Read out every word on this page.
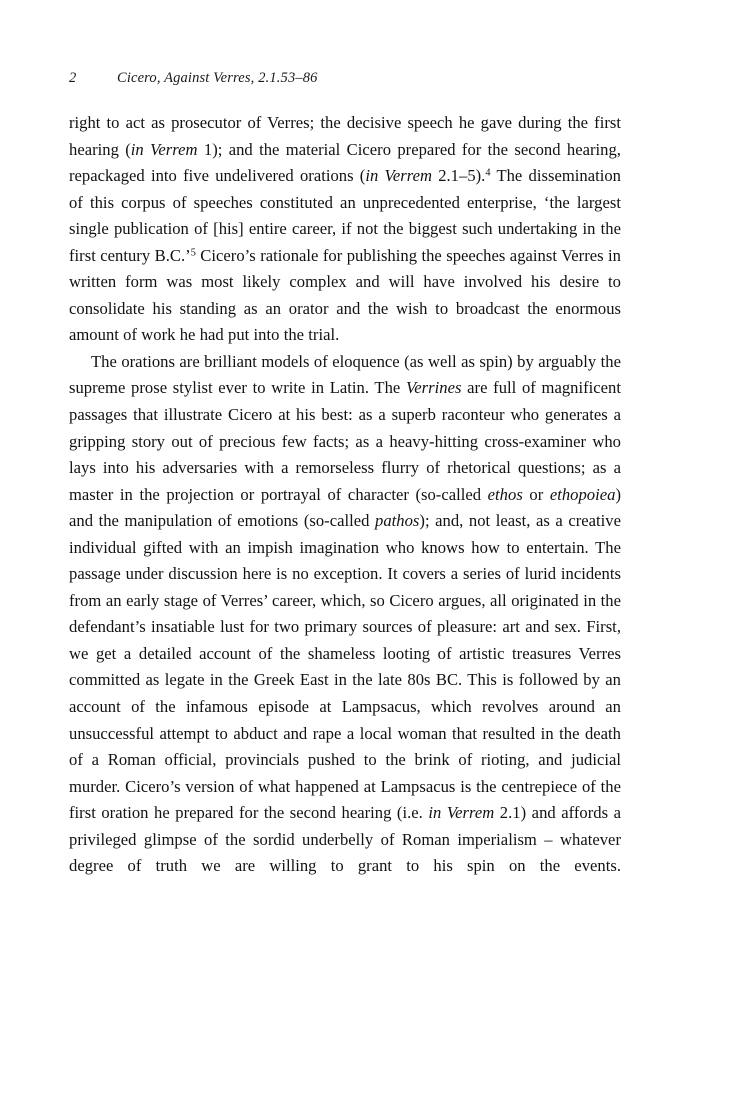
2	Cicero, Against Verres, 2.1.53–86

right to act as prosecutor of Verres; the decisive speech he gave during the first hearing (in Verrem 1); and the material Cicero prepared for the second hearing, repackaged into five undelivered orations (in Verrem 2.1–5).$^4$ The dissemination of this corpus of speeches constituted an unprecedented enterprise, ‘the largest single publication of [his] entire career, if not the biggest such undertaking in the first century B.C.’$^5$ Cicero’s rationale for publishing the speeches against Verres in written form was most likely complex and will have involved his desire to consolidate his standing as an orator and the wish to broadcast the enormous amount of work he had put into the trial.

The orations are brilliant models of eloquence (as well as spin) by arguably the supreme prose stylist ever to write in Latin. The Verrines are full of magnificent passages that illustrate Cicero at his best: as a superb raconteur who generates a gripping story out of precious few facts; as a heavy-hitting cross-examiner who lays into his adversaries with a remorseless flurry of rhetorical questions; as a master in the projection or portrayal of character (so-called ethos or ethopoiea) and the manipulation of emotions (so-called pathos); and, not least, as a creative individual gifted with an impish imagination who knows how to entertain. The passage under discussion here is no exception. It covers a series of lurid incidents from an early stage of Verres’ career, which, so Cicero argues, all originated in the defendant’s insatiable lust for two primary sources of pleasure: art and sex. First, we get a detailed account of the shameless looting of artistic treasures Verres committed as legate in the Greek East in the late 80s BC. This is followed by an account of the infamous episode at Lampsacus, which revolves around an unsuccessful attempt to abduct and rape a local woman that resulted in the death of a Roman official, provincials pushed to the brink of rioting, and judicial murder. Cicero’s version of what happened at Lampsacus is the centrepiece of the first oration he prepared for the second hearing (i.e. in Verrem 2.1) and affords a privileged glimpse of the sordid underbelly of Roman imperialism – whatever degree of truth we are willing to grant to his spin on the events.
